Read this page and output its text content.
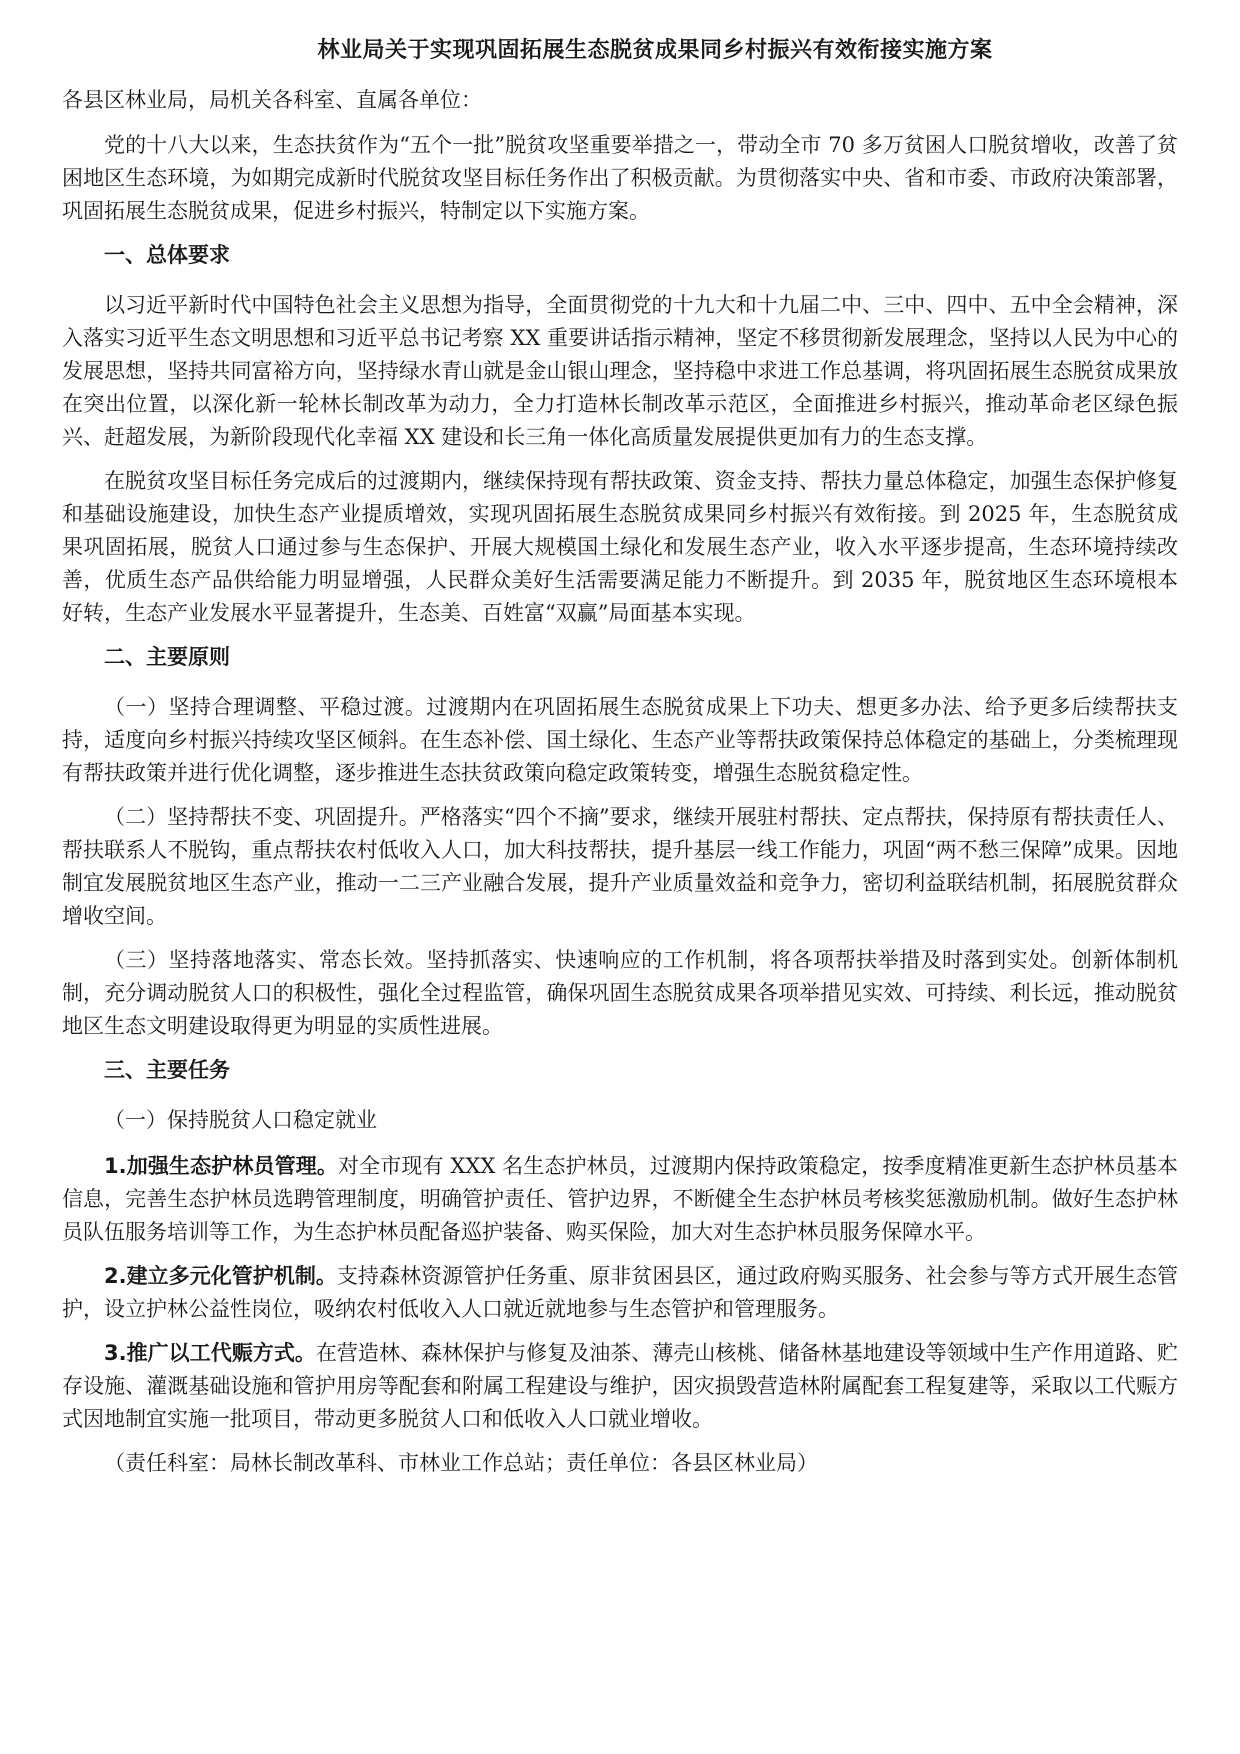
林业局关于实现巩固拓展生态脱贫成果同乡村振兴有效衔接实施方案
各县区林业局，局机关各科室、直属各单位：

党的十八大以来，生态扶贫作为“五个一批”脱贫攻坚重要举措之一，带动全市 70 多万贫困人口脱贫增收，改善了贫困地区生态环境，为如期完成新时代脱贫攻坚目标任务作出了积极贡献。为贯彻落实中央、省和市委、市政府决策部署，巩固拓展生态脱贫成果，促进乡村振兴，特制定以下实施方案。

一、总体要求

以习近平新时代中国特色社会主义思想为指导，全面贯彻党的十九大和十九届二中、三中、四中、五中全会精神，深入落实习近平生态文明思想和习近平总书记考察 XX 重要讲话指示精神，坚定不移贯彻新发展理念，坚持以人民为中心的发展思想，坚持共同富裕方向，坚持绿水青山就是金山银山理念，坚持稳中求进工作总基调，将巩固拓展生态脱贫成果放在突出位置，以深化新一轮林长制改革为动力，全力打造林长制改革示范区，全面推进乡村振兴，推动革命老区绿色振兴、赶超发展，为新阶段现代化幸福 XX 建设和长三角一体化高质量发展提供更加有力的生态支撑。

在脱贫攻坚目标任务完成后的过渡期内，继续保持现有帮扶政策、资金支持、帮扶力量总体稳定，加强生态保护修复和基础设施建设，加快生态产业提质增效，实现巩固拓展生态脱贫成果同乡村振兴有效衔接。到 2025 年，生态脱贫成果巩固拓展，脱贫人口通过参与生态保护、开展大规模国土绿化和发展生态产业，收入水平逐步提高，生态环境持续改善，优质生态产品供给能力明显增强，人民群众美好生活需要满足能力不断提升。到 2035 年，脱贫地区生态环境根本好转，生态产业发展水平显著提升，生态美、百姓富“双赢”局面基本实现。

二、主要原则

（一）坚持合理调整、平稳过渡。过渡期内在巩固拓展生态脱贫成果上下功夫、想更多办法、给予更多后续帮扶支持，适度向乡村振兴持续攻坚区倾斜。在生态补偿、国土绿化、生态产业等帮扶政策保持总体稳定的基础上，分类梳理现有帮扶政策并进行优化调整，逐步推进生态扶贫政策向稳定政策转变，增强生态脱贫稳定性。

（二）坚持帮扶不变、巩固提升。严格落实“四个不摘”要求，继续开展驻村帮扶、定点帮扶，保持原有帮扶责任人、帮扶联系人不脱钩，重点帮扶农村低收入人口，加大科技帮扶，提升基层一线工作能力，巩固“两不愁三保障”成果。因地制宜发展脱贫地区生态产业，推动一二三产业融合发展，提升产业质量效益和竞争力，密切利益联结机制，拓展脱贫群众增收空间。

（三）坚持落地落实、常态长效。坚持抓落实、快速响应的工作机制，将各项帮扶举措及时落到实处。创新体制机制，充分调动脱贫人口的积极性，强化全过程监管，确保巩固生态脱贫成果各项举措见实效、可持续、利长远，推动脱贫地区生态文明建设取得更为明显的实质性进展。

三、主要任务
（一）保持脱贫人口稳定就业

1.加强生态护林员管理。对全市现有 XXX 名生态护林员，过渡期内保持政策稳定，按季度精准更新生态护林员基本信息，完善生态护林员选聘管理制度，明确管护责任、管护边界，不断健全生态护林员考核奖惩激励机制。做好生态护林员队伍服务培训等工作，为生态护林员配备巡护装备、购买保险，加大对生态护林员服务保障水平。

2.建立多元化管护机制。支持森林资源管护任务重、原非贫困县区，通过政府购买服务、社会参与等方式开展生态管护，设立护林公益性岗位，吸纳农村低收入人口就近就地参与生态管护和管理服务。

3.推广以工代赈方式。在营造林、森林保护与修复及油茶、薄壳山核桃、储备林基地建设等领域中生产作用道路、贮存设施、灌溉基础设施和管护用房等配套和附属工程建设与维护，因灾损毁营造林附属配套工程复建等，采取以工代赈方式因地制宜实施一批项目，带动更多脱贫人口和低收入人口就业增收。

（责任科室：局林长制改革科、市林业工作总站；责任单位：各县区林业局）
